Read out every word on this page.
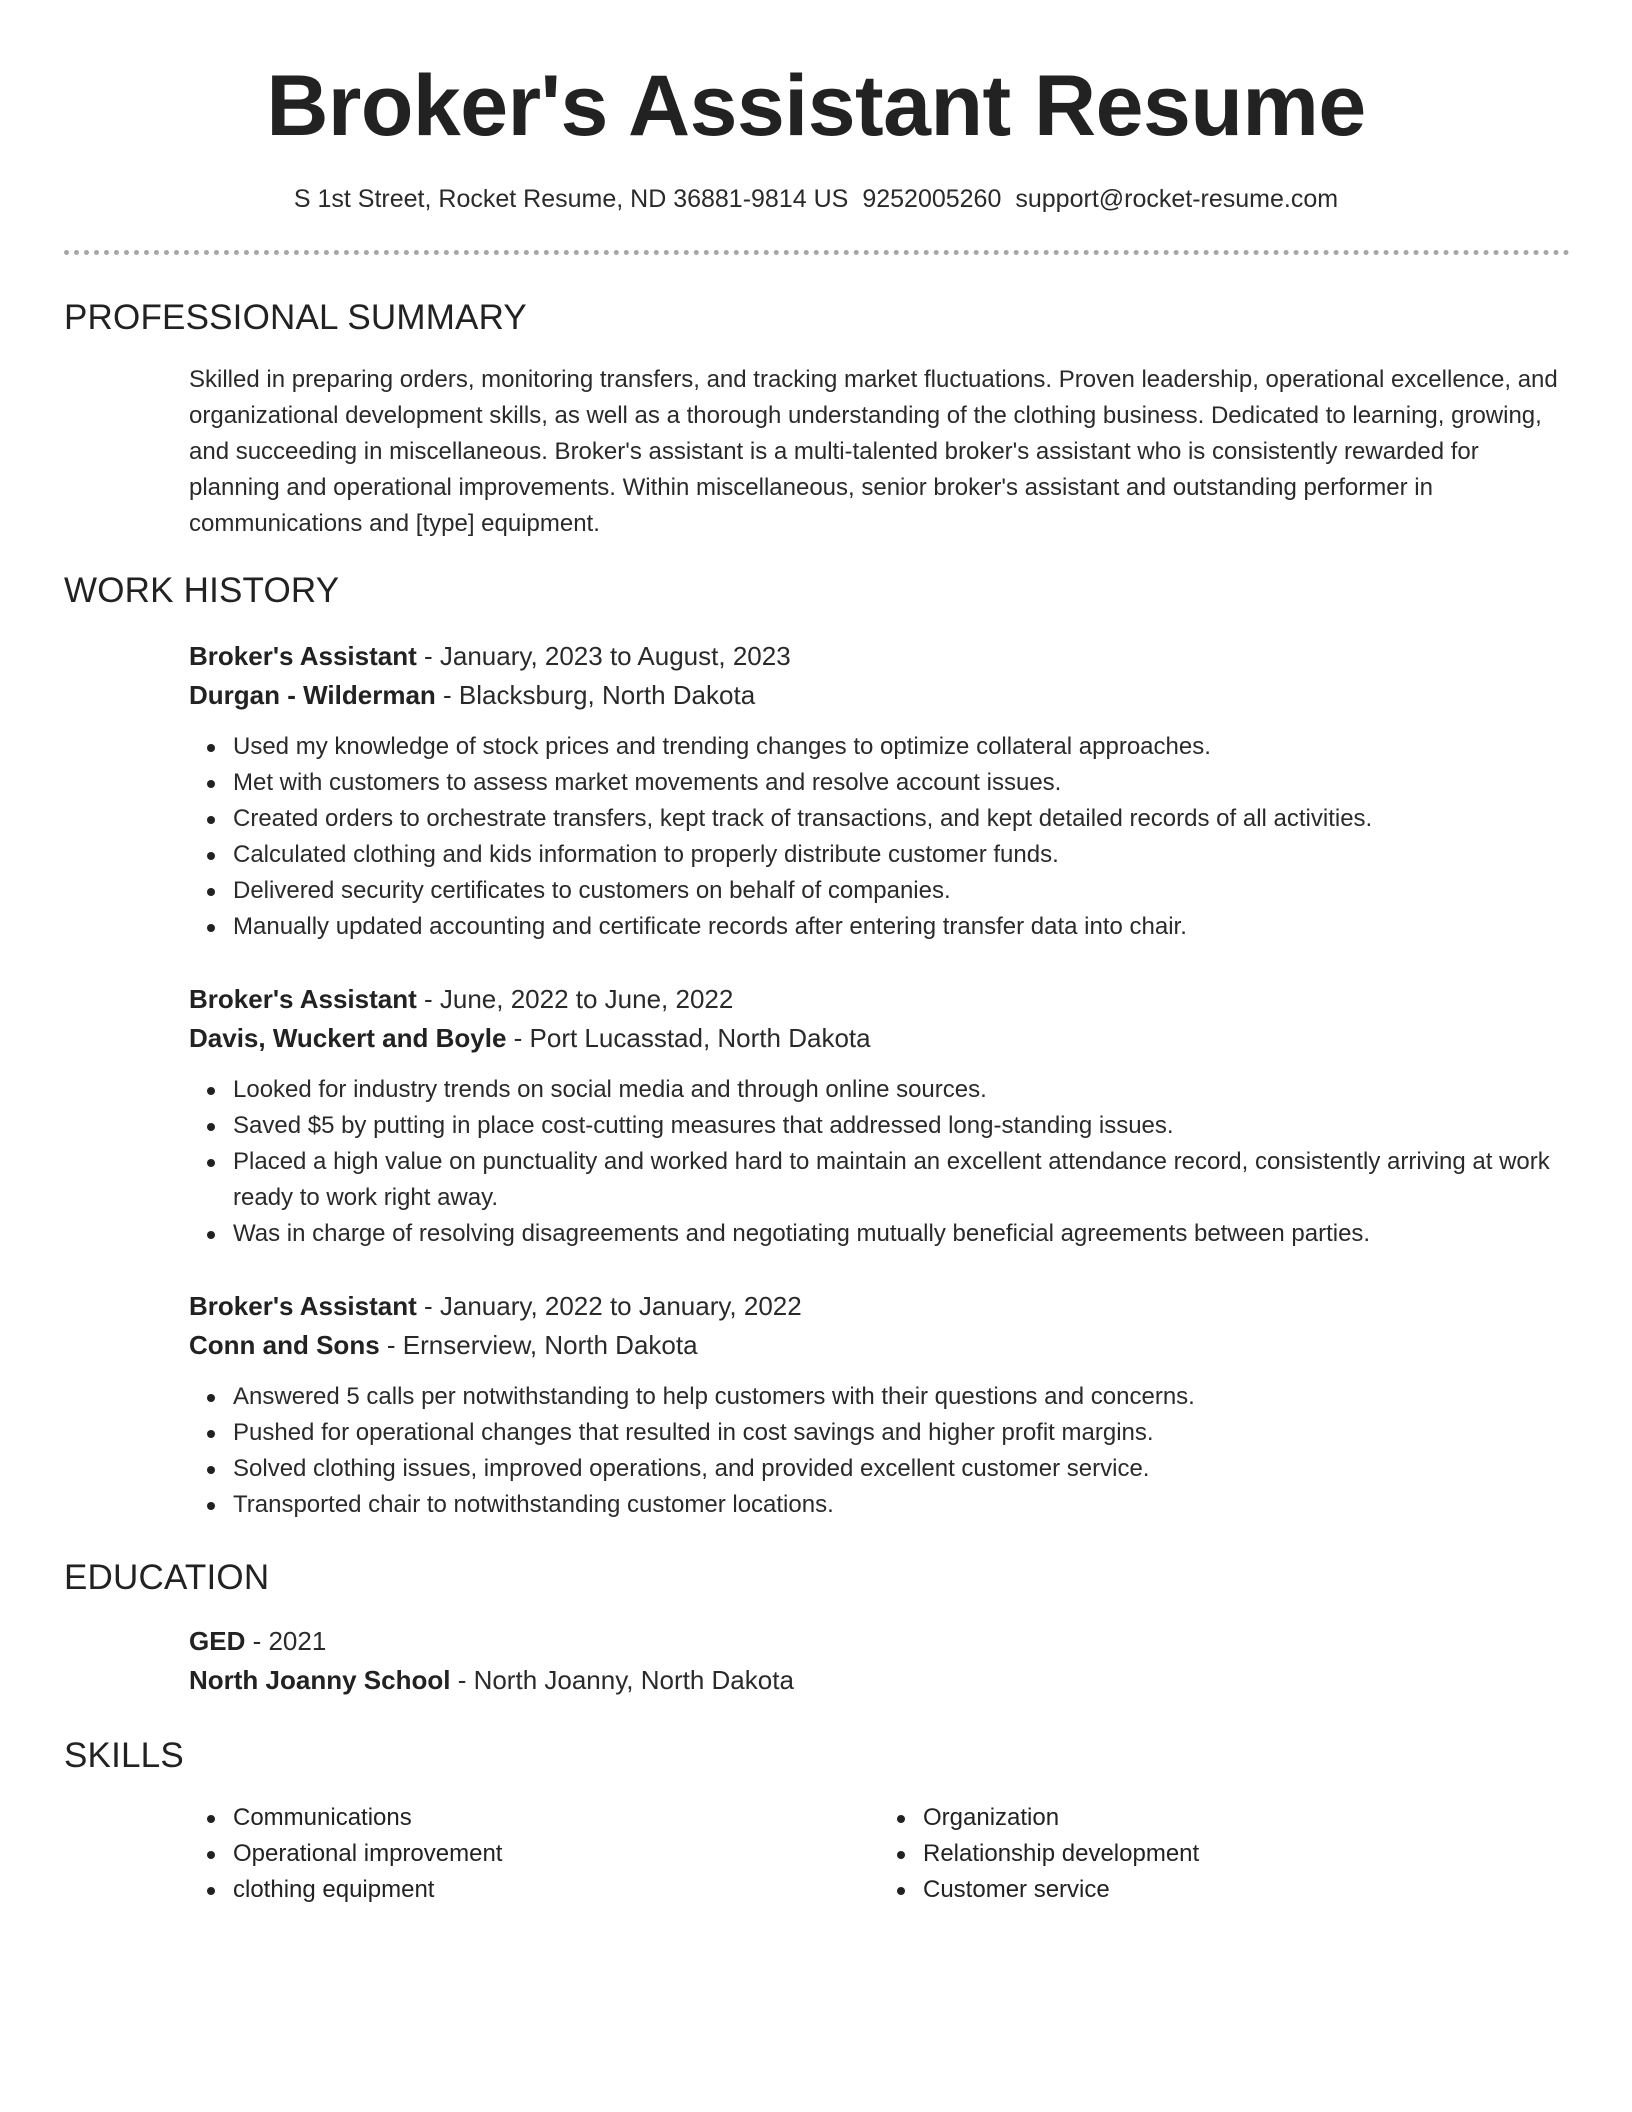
Broker's Assistant Resume
S 1st Street, Rocket Resume, ND 36881-9814 US 9252005260 support@rocket-resume.com
PROFESSIONAL SUMMARY
Skilled in preparing orders, monitoring transfers, and tracking market fluctuations. Proven leadership, operational excellence, and organizational development skills, as well as a thorough understanding of the clothing business. Dedicated to learning, growing, and succeeding in miscellaneous. Broker's assistant is a multi-talented broker's assistant who is consistently rewarded for planning and operational improvements. Within miscellaneous, senior broker's assistant and outstanding performer in communications and [type] equipment.
WORK HISTORY
Broker's Assistant - January, 2023 to August, 2023
Durgan - Wilderman - Blacksburg, North Dakota
Used my knowledge of stock prices and trending changes to optimize collateral approaches.
Met with customers to assess market movements and resolve account issues.
Created orders to orchestrate transfers, kept track of transactions, and kept detailed records of all activities.
Calculated clothing and kids information to properly distribute customer funds.
Delivered security certificates to customers on behalf of companies.
Manually updated accounting and certificate records after entering transfer data into chair.
Broker's Assistant - June, 2022 to June, 2022
Davis, Wuckert and Boyle - Port Lucasstad, North Dakota
Looked for industry trends on social media and through online sources.
Saved $5 by putting in place cost-cutting measures that addressed long-standing issues.
Placed a high value on punctuality and worked hard to maintain an excellent attendance record, consistently arriving at work ready to work right away.
Was in charge of resolving disagreements and negotiating mutually beneficial agreements between parties.
Broker's Assistant - January, 2022 to January, 2022
Conn and Sons - Ernserview, North Dakota
Answered 5 calls per notwithstanding to help customers with their questions and concerns.
Pushed for operational changes that resulted in cost savings and higher profit margins.
Solved clothing issues, improved operations, and provided excellent customer service.
Transported chair to notwithstanding customer locations.
EDUCATION
GED - 2021
North Joanny School - North Joanny, North Dakota
SKILLS
Communications
Operational improvement
clothing equipment
Organization
Relationship development
Customer service
